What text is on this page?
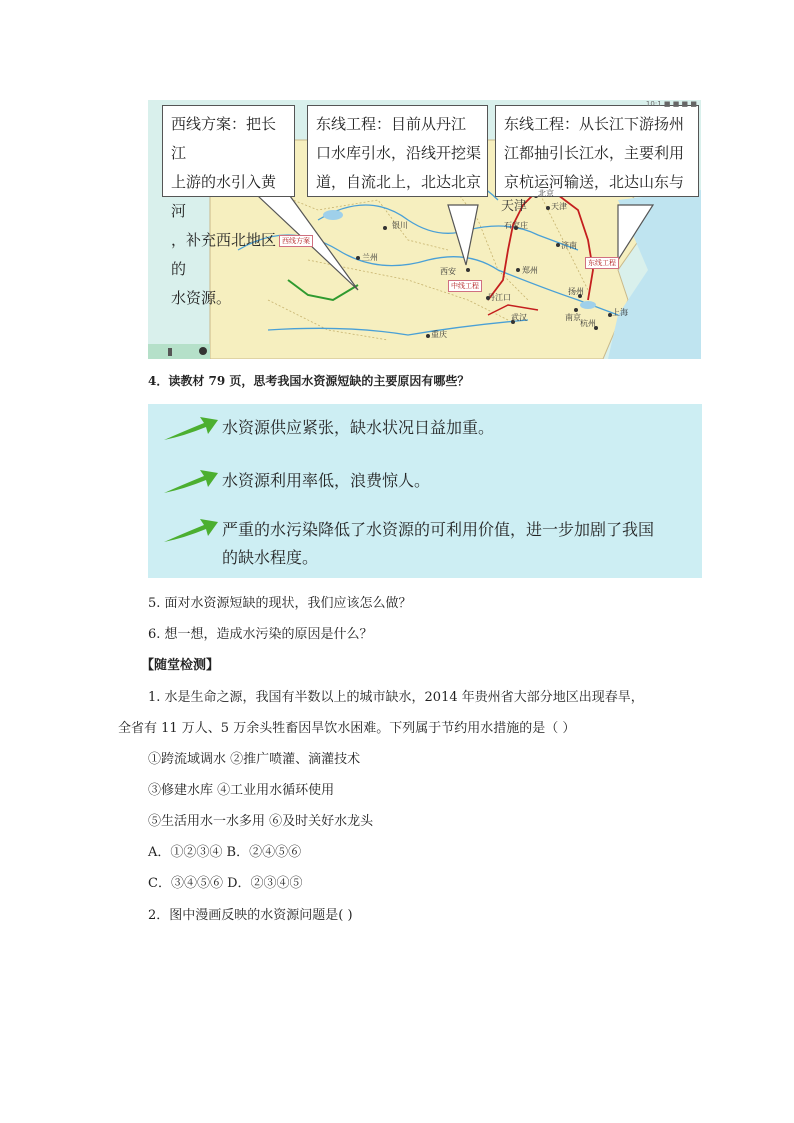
西线方案：把长江
上游的水引入黄河
，补充西北地区的
水资源。
东线工程：目前从丹江
口水库引水，沿线开挖渠
道，自流北上，北达北京
东线工程：从长江下游扬州
江都抽引长江水，主要利用
京杭运河输送，北达山东与
西线方案
中线工程
东线工程
银川
兰州
西安
北京
天津
石家庄
济南
郑州
丹江口
武汉
重庆
扬州
南京
上海
杭州
天津
10:1 ■ ■ ■ ■
4．读教材 79 页，思考我国水资源短缺的主要原因有哪些？
水资源供应紧张，缺水状况日益加重。
水资源利用率低，浪费惊人。
严重的水污染降低了水资源的可利用价值，进一步加剧了我国
的缺水程度。
5. 面对水资源短缺的现状，我们应该怎么做？
6. 想一想，造成水污染的原因是什么？
【随堂检测】
1. 水是生命之源，我国有半数以上的城市缺水，2014 年贵州省大部分地区出现春旱，
全省有 11 万人、5 万余头牲畜因旱饮水困难。下列属于节约用水措施的是（ ）
①跨流域调水 ②推广喷灌、滴灌技术
③修建水库 ④工业用水循环使用
⑤生活用水一水多用 ⑥及时关好水龙头
A．①②③④ B．②④⑤⑥
C．③④⑤⑥ D．②③④⑤
2．图中漫画反映的水资源问题是( )
